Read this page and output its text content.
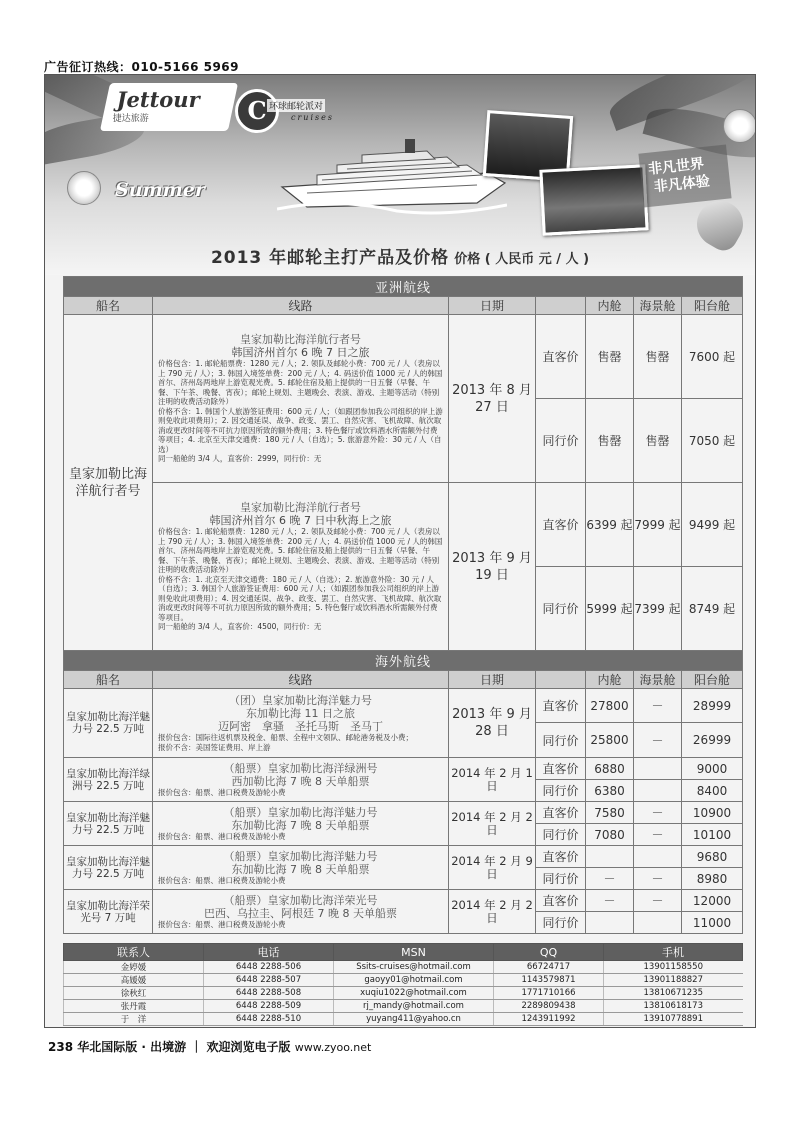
广告征订热线：010-5166 5969
Jettour
捷达旅游	C 环球邮轮派对
cruises
Summer
非凡世界
非凡体验
2013 年邮轮主打产品及价格 价格 ( 人民币 元 / 人 )
亚洲航线						
船名	线路	日期		内舱	海景舱	阳台舱
皇家加勒比海洋航行者号	皇家加勒比海洋航行者号
韩国济州首尔 6 晚 7 日之旅

价格包含：1. 邮轮船票费：1280 元 / 人；2. 领队及邮轮小费：700 元 / 人（表房以上 790 元 / 人）；3. 韩国入境签单费：200 元 / 人；4. 码送价值 1000 元 / 人的韩国首尔、济州岛两地岸上游览观光费。5. 邮轮住宿及船上提供的一日五餐（早餐、午餐、下午茶、晚餐、宵夜）；邮轮上规划、主题晚会、表演、游戏、主题等活动（特别注明的收费活动除外）

价格不含：1. 韩国个人旅游签证费用：600 元 / 人；（如跟团参加我公司组织的岸上游则免收此项费用）；2. 因交通延误、战争、政变、罢工、自然灾害、飞机故障、航次取消或更改时间等不可抗力原因所致的额外费用；3. 特色餐厅或饮料酒水所需额外付费等项目；4. 北京至天津交通费：180 元 / 人（自选）；5. 旅游意外险：30 元 / 人（自选）

同一船舱的 3/4 人，直客价：2999，同行价：无	2013 年 8 月 27 日	直客价	售罄	售罄	7600 起
			同行价	售罄	售罄	7050 起

	皇家加勒比海洋航行者号
韩国济州首尔 6 晚 7 日中秋海上之旅

价格包含：1. 邮轮船票费：1280 元 / 人；2. 领队及邮轮小费：700 元 / 人（表房以上 790 元 / 人）；3. 韩国入境签单费：200 元 / 人；4. 码送价值 1000 元 / 人的韩国首尔、济州岛两地岸上游览观光费。5. 邮轮住宿及船上提供的一日五餐（早餐、午餐、下午茶、晚餐、宵夜）；邮轮上规划、主题晚会、表演、游戏、主题等活动（特别注明的收费活动除外）

价格不含：1. 北京至天津交通费：180 元 / 人（自选）；2. 旅游意外险：30 元 / 人（自选）；3. 韩国个人旅游签证费用：600 元 / 人；（如跟团参加我公司组织的岸上游则免收此项费用）；4. 因交通延误、战争、政变、罢工、自然灾害、飞机故障、航次取消或更改时间等不可抗力原因所致的额外费用；5. 特色餐厅或饮料酒水所需额外付费等项目。

同一船舱的 3/4 人，直客价：4500，同行价：无	2013 年 9 月 19 日	直客价	6399 起	7999 起	9499 起
			同行价	5999 起	7399 起	8749 起
海外航线						
船名	线路	日期		内舱	海景舱	阳台舱
皇家加勒比海洋魅力号 22.5 万吨	（团）皇家加勒比海洋魅力号
东加勒比海 11 日之旅
迈阿密　拿骚　圣托马斯　圣马丁

报价包含：国际往返机票及税金、船票、全程中文领队、邮轮港务税及小费；

报价不含：美国签证费用、岸上游	2013 年 9 月 28 日	直客价	27800	－	28999
			同行价	25800	－	26999
皇家加勒比海洋绿洲号 22.5 万吨	（船票）皇家加勒比海洋绿洲号
西加勒比海 7 晚 8 天单船票

报价包含：船票、港口税费及游轮小费	2014 年 2 月 1 日	直客价	6880		9000
			同行价	6380		8400
皇家加勒比海洋魅力号 22.5 万吨	（船票）皇家加勒比海洋魅力号
东加勒比海 7 晚 8 天单船票

报价包含：船票、港口税费及游轮小费	2014 年 2 月 2 日	直客价	7580	－	10900
			同行价	7080	－	10100
皇家加勒比海洋魅力号 22.5 万吨	（船票）皇家加勒比海洋魅力号
东加勒比海 7 晚 8 天单船票

报价包含：船票、港口税费及游轮小费	2014 年 2 月 9 日	直客价			9680
			同行价	－	－	8980
皇家加勒比海洋荣光号 7 万吨	（船票）皇家加勒比海洋荣光号
巴西、乌拉圭、阿根廷 7 晚 8 天单船票

报价包含：船票、港口税费及游轮小费	2014 年 2 月 2 日	直客价	－	－	12000
			同行价			11000
联系人	电话	MSN	QQ	手机
金婷媛	6448 2288-506	Ssits-cruises@hotmail.com	66724717	13901158550
高媛媛	6448 2288-507	gaoyy01@hotmail.com	1143579871	13901188827
徐秋红	6448 2288-508	xuqiu1022@hotmail.com	1771710166	13810671235
张丹霞	6448 2288-509	rj_mandy@hotmail.com	2289809438	13810618173
于　洋	6448 2288-510	yuyang411@yahoo.cn	1243911992	13910778891
238 华北国际版 · 出境游 ｜ 欢迎浏览电子版 www.zyoo.net
